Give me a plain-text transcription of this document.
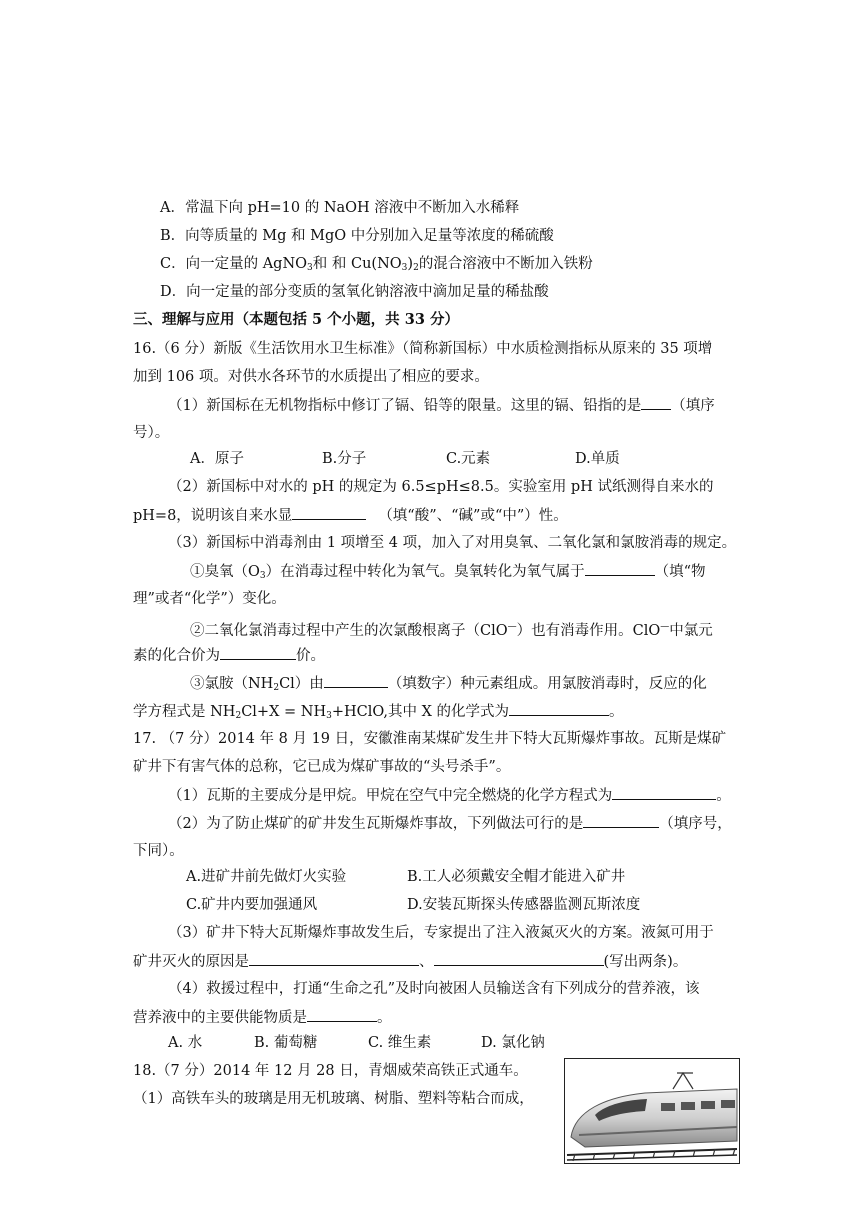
A．常温下向 pH=10 的 NaOH 溶液中不断加入水稀释
B．向等质量的 Mg 和 MgO 中分别加入足量等浓度的稀硫酸
C．向一定量的 AgNO$_3$和 和 $Cu(NO_3)_2$的混合溶液中不断加入铁粉
D．向一定量的部分变质的氢氧化钠溶液中滴加足量的稀盐酸
三、理解与应用（本题包括 5 个小题，共 33 分）
16.（6 分）新版《生活饮用水卫生标准》（简称新国标）中水质检测指标从原来的 35 项增
加到 106 项。对供水各环节的水质提出了相应的要求。
（1）新国标在无机物指标中修订了镉、铅等的限量。这里的镉、铅指的是 （填序
号）。
A．原子	B.分子	C.元素	D.单质
（2）新国标中对水的 pH 的规定为 6.5≤pH≤8.5。实验室用 pH 试纸测得自来水的
pH=8，说明该自来水显	（填“酸”、“碱”或“中”）性。
（3）新国标中消毒剂由 1 项增至 4 项，加入了对用臭氧、二氧化氯和氯胺消毒的规定。
①臭氧$(O_3)$在消毒过程中转化为氧气。臭氧转化为氧气属于	（填“物
理”或者“化学”）变化。
②二氧化氯消毒过程中产生的次氯酸根离子（ClO—）也有消毒作用。ClO—中氯元
素的化合价为	价。
③氯胺$(NH_2Cl)$由	（填数字）种元素组成。用氯胺消毒时，反应的化
学方程式是 $NH_2Cl+X$ = $NH_3+HClO$,其中 X 的化学式为	。
17. （7 分）2014 年 8 月 19 日，安徽淮南某煤矿发生井下特大瓦斯爆炸事故。瓦斯是煤矿
矿井下有害气体的总称，它已成为煤矿事故的“头号杀手”。
（1）瓦斯的主要成分是甲烷。甲烷在空气中完全燃烧的化学方程式为	。
（2）为了防止煤矿的矿井发生瓦斯爆炸事故，下列做法可行的是	（填序号，
下同）。
A.进矿井前先做灯火实验	B.工人必须戴安全帽才能进入矿井
C.矿井内要加强通风	D.安装瓦斯探头传感器监测瓦斯浓度
（3）矿井下特大瓦斯爆炸事故发生后，专家提出了注入液氮灭火的方案。液氮可用于
矿井灭火的原因是	、	(写出两条)。
（4）救援过程中，打通“生命之孔”及时向被困人员输送含有下列成分的营养液，该
营养液中的主要供能物质是	。
A. 水	B. 葡萄糖	C. 维生素	D. 氯化钠
18.（7 分）2014 年 12 月 28 日，青烟威荣高铁正式通车。
（1）高铁车头的玻璃是用无机玻璃、树脂、塑料等粘合而成，
